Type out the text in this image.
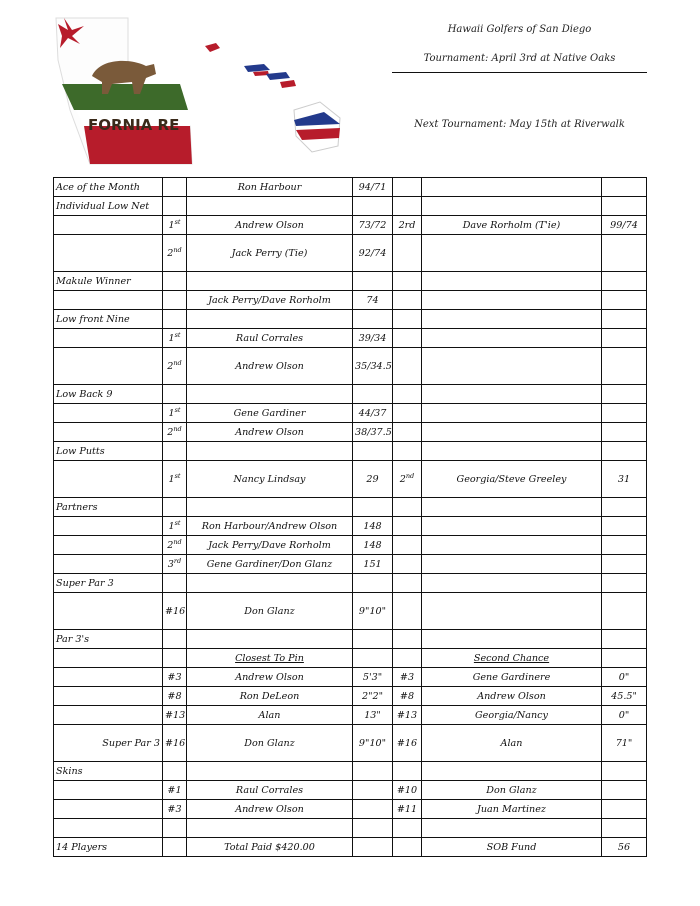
FORNIA RE
Hawaii Golfers of San Diego
Tournament: April 3rd at Native Oaks
Next Tournament: May 15th at Riverwalk
Ace of the Month		Ron Harbour	94/71			
Individual Low Net						
	1st	Andrew Olson	73/72	2rd	Dave Rorholm (T'ie)	99/74
	2nd	Jack Perry (Tie)	92/74			
Makule Winner						
		Jack Perry/Dave Rorholm	74			
Low front Nine						
	1st	Raul Corrales	39/34			
	2nd	Andrew Olson	35/34.5			
Low Back 9						
	1st	Gene Gardiner	44/37			
	2nd	Andrew Olson	38/37.5			
Low Putts						
	1st	Nancy Lindsay	29	2nd	Georgia/Steve Greeley	31
Partners						
	1st	Ron Harbour/Andrew Olson	148			
	2nd	Jack Perry/Dave Rorholm	148			
	3rd	Gene Gardiner/Don Glanz	151			
Super Par 3						
	#16	Don Glanz	9"10"			
Par 3's						
		Closest To Pin			Second Chance	
	#3	Andrew Olson	5'3"	#3	Gene Gardinere	0"
	#8	Ron DeLeon	2"2"	#8	Andrew Olson	45.5"
	#13	Alan	13"	#13	Georgia/Nancy	0"
Super Par 3	#16	Don Glanz	9"10"	#16	Alan	71"
Skins						
	#1	Raul Corrales		#10	Don Glanz	
	#3	Andrew Olson		#11	Juan Martinez	

14 Players		Total Paid $420.00			SOB Fund	56
